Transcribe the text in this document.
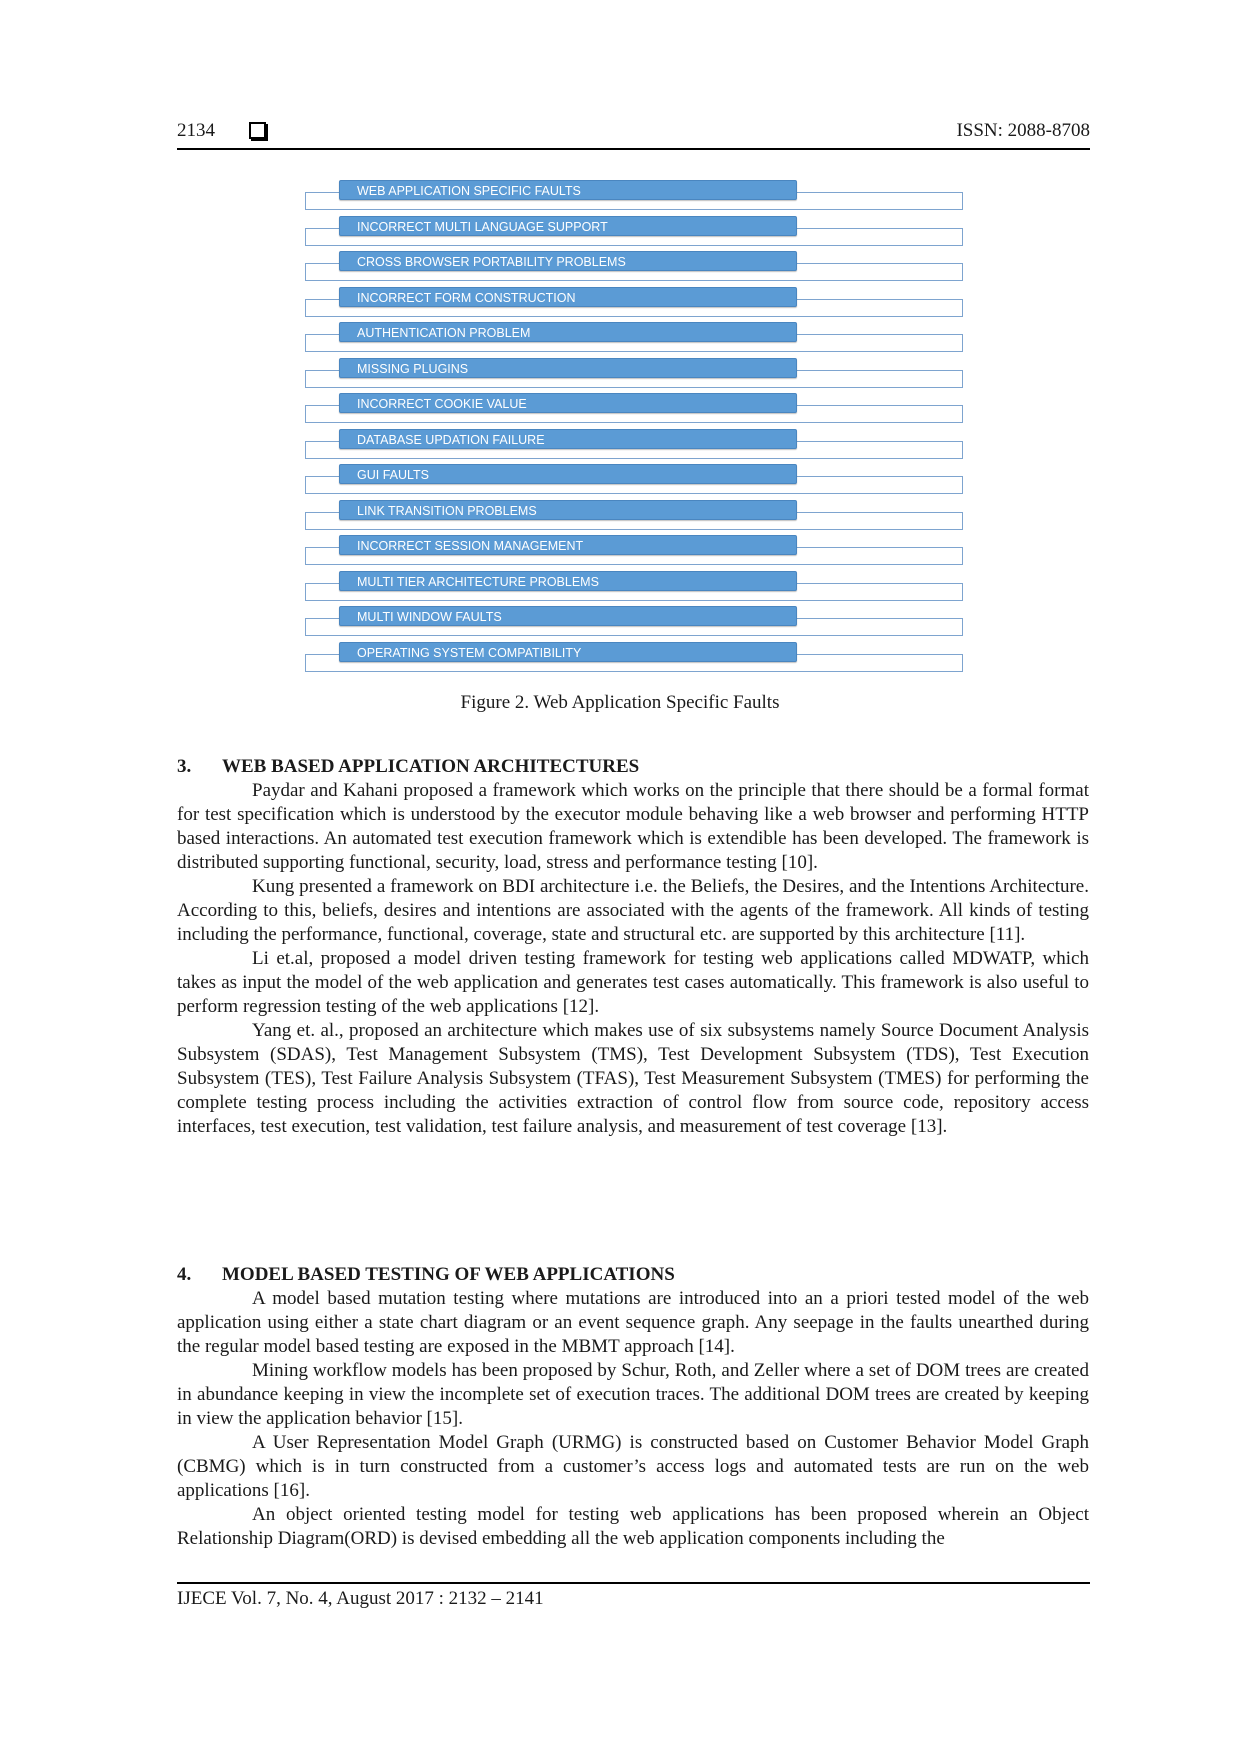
2134	ISSN: 2088-8708
WEB APPLICATION SPECIFIC FAULTS
INCORRECT MULTI LANGUAGE SUPPORT
CROSS BROWSER PORTABILITY PROBLEMS
INCORRECT FORM CONSTRUCTION
AUTHENTICATION PROBLEM
MISSING PLUGINS
INCORRECT COOKIE VALUE
DATABASE UPDATION FAILURE
GUI FAULTS
LINK TRANSITION PROBLEMS
INCORRECT SESSION MANAGEMENT
MULTI TIER ARCHITECTURE PROBLEMS
MULTI WINDOW FAULTS
OPERATING SYSTEM COMPATIBILITY
Figure 2. Web Application Specific Faults
3. WEB BASED APPLICATION ARCHITECTURES

Paydar and Kahani proposed a framework which works on the principle that there should be a formal format for test specification which is understood by the executor module behaving like a web browser and performing HTTP based interactions. An automated test execution framework which is extendible has been developed. The framework is distributed supporting functional, security, load, stress and performance testing [10].

Kung presented a framework on BDI architecture i.e. the Beliefs, the Desires, and the Intentions Architecture. According to this, beliefs, desires and intentions are associated with the agents of the framework. All kinds of testing including the performance, functional, coverage, state and structural etc. are supported by this architecture [11].

Li et.al, proposed a model driven testing framework for testing web applications called MDWATP, which takes as input the model of the web application and generates test cases automatically. This framework is also useful to perform regression testing of the web applications [12].

Yang et. al., proposed an architecture which makes use of six subsystems namely Source Document Analysis Subsystem (SDAS), Test Management Subsystem (TMS), Test Development Subsystem (TDS), Test Execution Subsystem (TES), Test Failure Analysis Subsystem (TFAS), Test Measurement Subsystem (TMES) for performing the complete testing process including the activities extraction of control flow from source code, repository access interfaces, test execution, test validation, test failure analysis, and measurement of test coverage [13].

4. MODEL BASED TESTING OF WEB APPLICATIONS

A model based mutation testing where mutations are introduced into an a priori tested model of the web application using either a state chart diagram or an event sequence graph. Any seepage in the faults unearthed during the regular model based testing are exposed in the MBMT approach [14].

Mining workflow models has been proposed by Schur, Roth, and Zeller where a set of DOM trees are created in abundance keeping in view the incomplete set of execution traces. The additional DOM trees are created by keeping in view the application behavior [15].

A User Representation Model Graph (URMG) is constructed based on Customer Behavior Model Graph (CBMG) which is in turn constructed from a customer’s access logs and automated tests are run on the web applications [16].

An object oriented testing model for testing web applications has been proposed wherein an Object Relationship Diagram(ORD) is devised embedding all the web application components including the

IJECE Vol. 7, No. 4, August 2017 : 2132 – 2141
